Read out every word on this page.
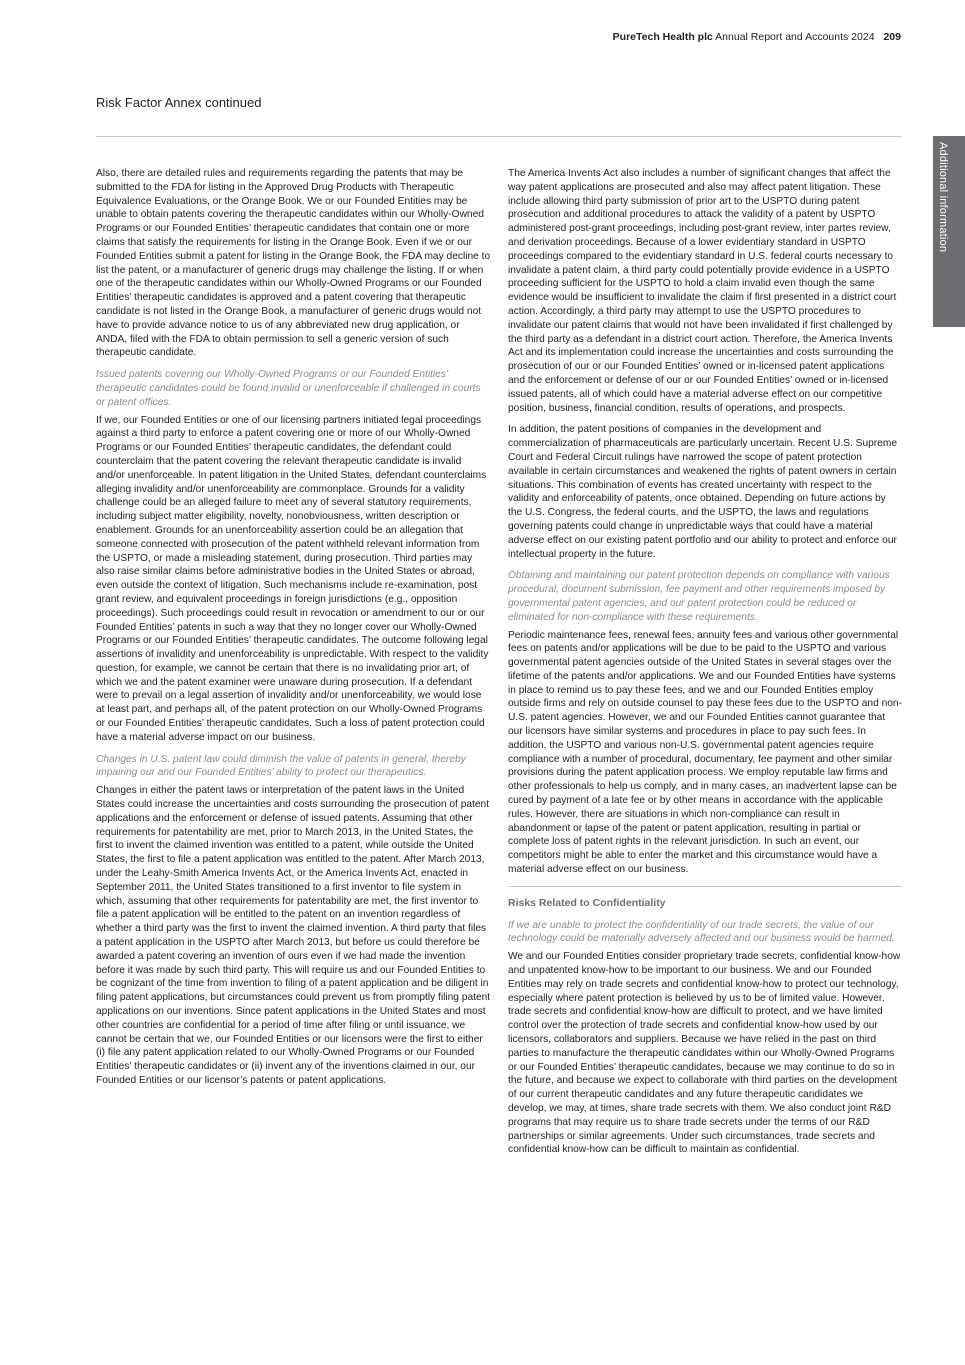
PureTech Health plc Annual Report and Accounts 2024 209
Risk Factor Annex continued
Additional information

Also, there are detailed rules and requirements regarding the patents that may be submitted to the FDA for listing in the Approved Drug Products with Therapeutic Equivalence Evaluations, or the Orange Book. We or our Founded Entities may be unable to obtain patents covering the therapeutic candidates within our Wholly-Owned Programs or our Founded Entities’ therapeutic candidates that contain one or more claims that satisfy the requirements for listing in the Orange Book. Even if we or our Founded Entities submit a patent for listing in the Orange Book, the FDA may decline to list the patent, or a manufacturer of generic drugs may challenge the listing. If or when one of the therapeutic candidates within our Wholly-Owned Programs or our Founded Entities’ therapeutic candidates is approved and a patent covering that therapeutic candidate is not listed in the Orange Book, a manufacturer of generic drugs would not have to provide advance notice to us of any abbreviated new drug application, or ANDA, filed with the FDA to obtain permission to sell a generic version of such therapeutic candidate.

Issued patents covering our Wholly-Owned Programs or our Founded Entities’ therapeutic candidates could be found invalid or unenforceable if challenged in courts or patent offices.

If we, our Founded Entities or one of our licensing partners initiated legal proceedings against a third party to enforce a patent covering one or more of our Wholly-Owned Programs or our Founded Entities’ therapeutic candidates, the defendant could counterclaim that the patent covering the relevant therapeutic candidate is invalid and/or unenforceable. In patent litigation in the United States, defendant counterclaims alleging invalidity and/or unenforceability are commonplace. Grounds for a validity challenge could be an alleged failure to meet any of several statutory requirements, including subject matter eligibility, novelty, nonobviousness, written description or enablement. Grounds for an unenforceability assertion could be an allegation that someone connected with prosecution of the patent withheld relevant information from the USPTO, or made a misleading statement, during prosecution. Third parties may also raise similar claims before administrative bodies in the United States or abroad, even outside the context of litigation. Such mechanisms include re-examination, post grant review, and equivalent proceedings in foreign jurisdictions (e.g., opposition proceedings). Such proceedings could result in revocation or amendment to our or our Founded Entities’ patents in such a way that they no longer cover our Wholly-Owned Programs or our Founded Entities’ therapeutic candidates. The outcome following legal assertions of invalidity and unenforceability is unpredictable. With respect to the validity question, for example, we cannot be certain that there is no invalidating prior art, of which we and the patent examiner were unaware during prosecution. If a defendant were to prevail on a legal assertion of invalidity and/or unenforceability, we would lose at least part, and perhaps all, of the patent protection on our Wholly-Owned Programs or our Founded Entities’ therapeutic candidates. Such a loss of patent protection could have a material adverse impact on our business.

Changes in U.S. patent law could diminish the value of patents in general, thereby impairing our and our Founded Entities’ ability to protect our therapeutics.

Changes in either the patent laws or interpretation of the patent laws in the United States could increase the uncertainties and costs surrounding the prosecution of patent applications and the enforcement or defense of issued patents. Assuming that other requirements for patentability are met, prior to March 2013, in the United States, the first to invent the claimed invention was entitled to a patent, while outside the United States, the first to file a patent application was entitled to the patent. After March 2013, under the Leahy-Smith America Invents Act, or the America Invents Act, enacted in September 2011, the United States transitioned to a first inventor to file system in which, assuming that other requirements for patentability are met, the first inventor to file a patent application will be entitled to the patent on an invention regardless of whether a third party was the first to invent the claimed invention. A third party that files a patent application in the USPTO after March 2013, but before us could therefore be awarded a patent covering an invention of ours even if we had made the invention before it was made by such third party. This will require us and our Founded Entities to be cognizant of the time from invention to filing of a patent application and be diligent in filing patent applications, but circumstances could prevent us from promptly filing patent applications on our inventions. Since patent applications in the United States and most other countries are confidential for a period of time after filing or until issuance, we cannot be certain that we, our Founded Entities or our licensors were the first to either (i) file any patent application related to our Wholly-Owned Programs or our Founded Entities’ therapeutic candidates or (ii) invent any of the inventions claimed in our, our Founded Entities or our licensor’s patents or patent applications.

The America Invents Act also includes a number of significant changes that affect the way patent applications are prosecuted and also may affect patent litigation. These include allowing third party submission of prior art to the USPTO during patent prosecution and additional procedures to attack the validity of a patent by USPTO administered post-grant proceedings, including post-grant review, inter partes review, and derivation proceedings. Because of a lower evidentiary standard in USPTO proceedings compared to the evidentiary standard in U.S. federal courts necessary to invalidate a patent claim, a third party could potentially provide evidence in a USPTO proceeding sufficient for the USPTO to hold a claim invalid even though the same evidence would be insufficient to invalidate the claim if first presented in a district court action. Accordingly, a third party may attempt to use the USPTO procedures to invalidate our patent claims that would not have been invalidated if first challenged by the third party as a defendant in a district court action. Therefore, the America Invents Act and its implementation could increase the uncertainties and costs surrounding the prosecution of our or our Founded Entities’ owned or in-licensed patent applications and the enforcement or defense of our or our Founded Entities’ owned or in-licensed issued patents, all of which could have a material adverse effect on our competitive position, business, financial condition, results of operations, and prospects.

In addition, the patent positions of companies in the development and commercialization of pharmaceuticals are particularly uncertain. Recent U.S. Supreme Court and Federal Circuit rulings have narrowed the scope of patent protection available in certain circumstances and weakened the rights of patent owners in certain situations. This combination of events has created uncertainty with respect to the validity and enforceability of patents, once obtained. Depending on future actions by the U.S. Congress, the federal courts, and the USPTO, the laws and regulations governing patents could change in unpredictable ways that could have a material adverse effect on our existing patent portfolio and our ability to protect and enforce our intellectual property in the future.

Obtaining and maintaining our patent protection depends on compliance with various procedural, document submission, fee payment and other requirements imposed by governmental patent agencies, and our patent protection could be reduced or eliminated for non-compliance with these requirements.

Periodic maintenance fees, renewal fees, annuity fees and various other governmental fees on patents and/or applications will be due to be paid to the USPTO and various governmental patent agencies outside of the United States in several stages over the lifetime of the patents and/or applications. We and our Founded Entities have systems in place to remind us to pay these fees, and we and our Founded Entities employ outside firms and rely on outside counsel to pay these fees due to the USPTO and non-U.S. patent agencies. However, we and our Founded Entities cannot guarantee that our licensors have similar systems and procedures in place to pay such fees. In addition, the USPTO and various non-U.S. governmental patent agencies require compliance with a number of procedural, documentary, fee payment and other similar provisions during the patent application process. We employ reputable law firms and other professionals to help us comply, and in many cases, an inadvertent lapse can be cured by payment of a late fee or by other means in accordance with the applicable rules. However, there are situations in which non-compliance can result in abandonment or lapse of the patent or patent application, resulting in partial or complete loss of patent rights in the relevant jurisdiction. In such an event, our competitors might be able to enter the market and this circumstance would have a material adverse effect on our business.

Risks Related to Confidentiality

If we are unable to protect the confidentiality of our trade secrets, the value of our technology could be materially adversely affected and our business would be harmed.

We and our Founded Entities consider proprietary trade secrets, confidential know-how and unpatented know-how to be important to our business. We and our Founded Entities may rely on trade secrets and confidential know-how to protect our technology, especially where patent protection is believed by us to be of limited value. However, trade secrets and confidential know-how are difficult to protect, and we have limited control over the protection of trade secrets and confidential know-how used by our licensors, collaborators and suppliers. Because we have relied in the past on third parties to manufacture the therapeutic candidates within our Wholly-Owned Programs or our Founded Entities’ therapeutic candidates, because we may continue to do so in the future, and because we expect to collaborate with third parties on the development of our current therapeutic candidates and any future therapeutic candidates we develop, we may, at times, share trade secrets with them. We also conduct joint R&D programs that may require us to share trade secrets under the terms of our R&D partnerships or similar agreements. Under such circumstances, trade secrets and confidential know-how can be difficult to maintain as confidential.
